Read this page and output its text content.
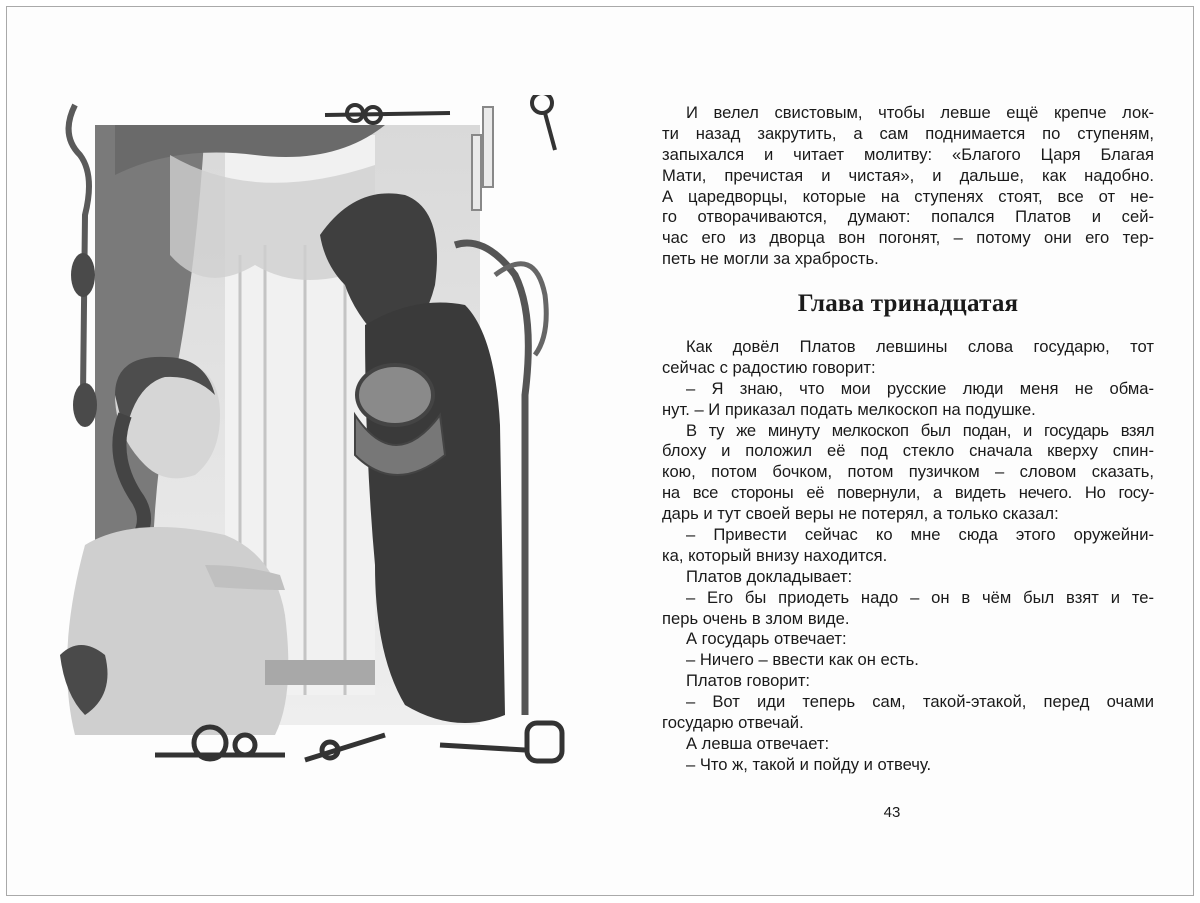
И велел свистовым, чтобы левше ещё крепче лок-
ти назад закрутить, а сам поднимается по ступеням,
запыхался и читает молитву: «Благого Царя Благая
Мати, пречистая и чистая», и дальше, как надобно.
А царедворцы, которые на ступенях стоят, все от не-
го отворачиваются, думают: попался Платов и сей-
час его из дворца вон погонят, – потому они его тер-
петь не могли за храбрость.
Глава тринадцатая
Как довёл Платов левшины слова государю, тот
сейчас с радостию говорит:
– Я знаю, что мои русские люди меня не обма-
нут. – И приказал подать мелкоскоп на подушке.
В ту же минуту мелкоскоп был подан, и государь взял
блоху и положил её под стекло сначала кверху спин-
кою, потом бочком, потом пузичком – словом сказать,
на все стороны её повернули, а видеть нечего. Но госу-
дарь и тут своей веры не потерял, а только сказал:
– Привести сейчас ко мне сюда этого оружейни-
ка, который внизу находится.
Платов докладывает:
– Его бы приодеть надо – он в чём был взят и те-
перь очень в злом виде.
А государь отвечает:
– Ничего – ввести как он есть.
Платов говорит:
– Вот иди теперь сам, такой-этакой, перед очами
государю отвечай.
А левша отвечает:
– Что ж, такой и пойду и отвечу.
43
